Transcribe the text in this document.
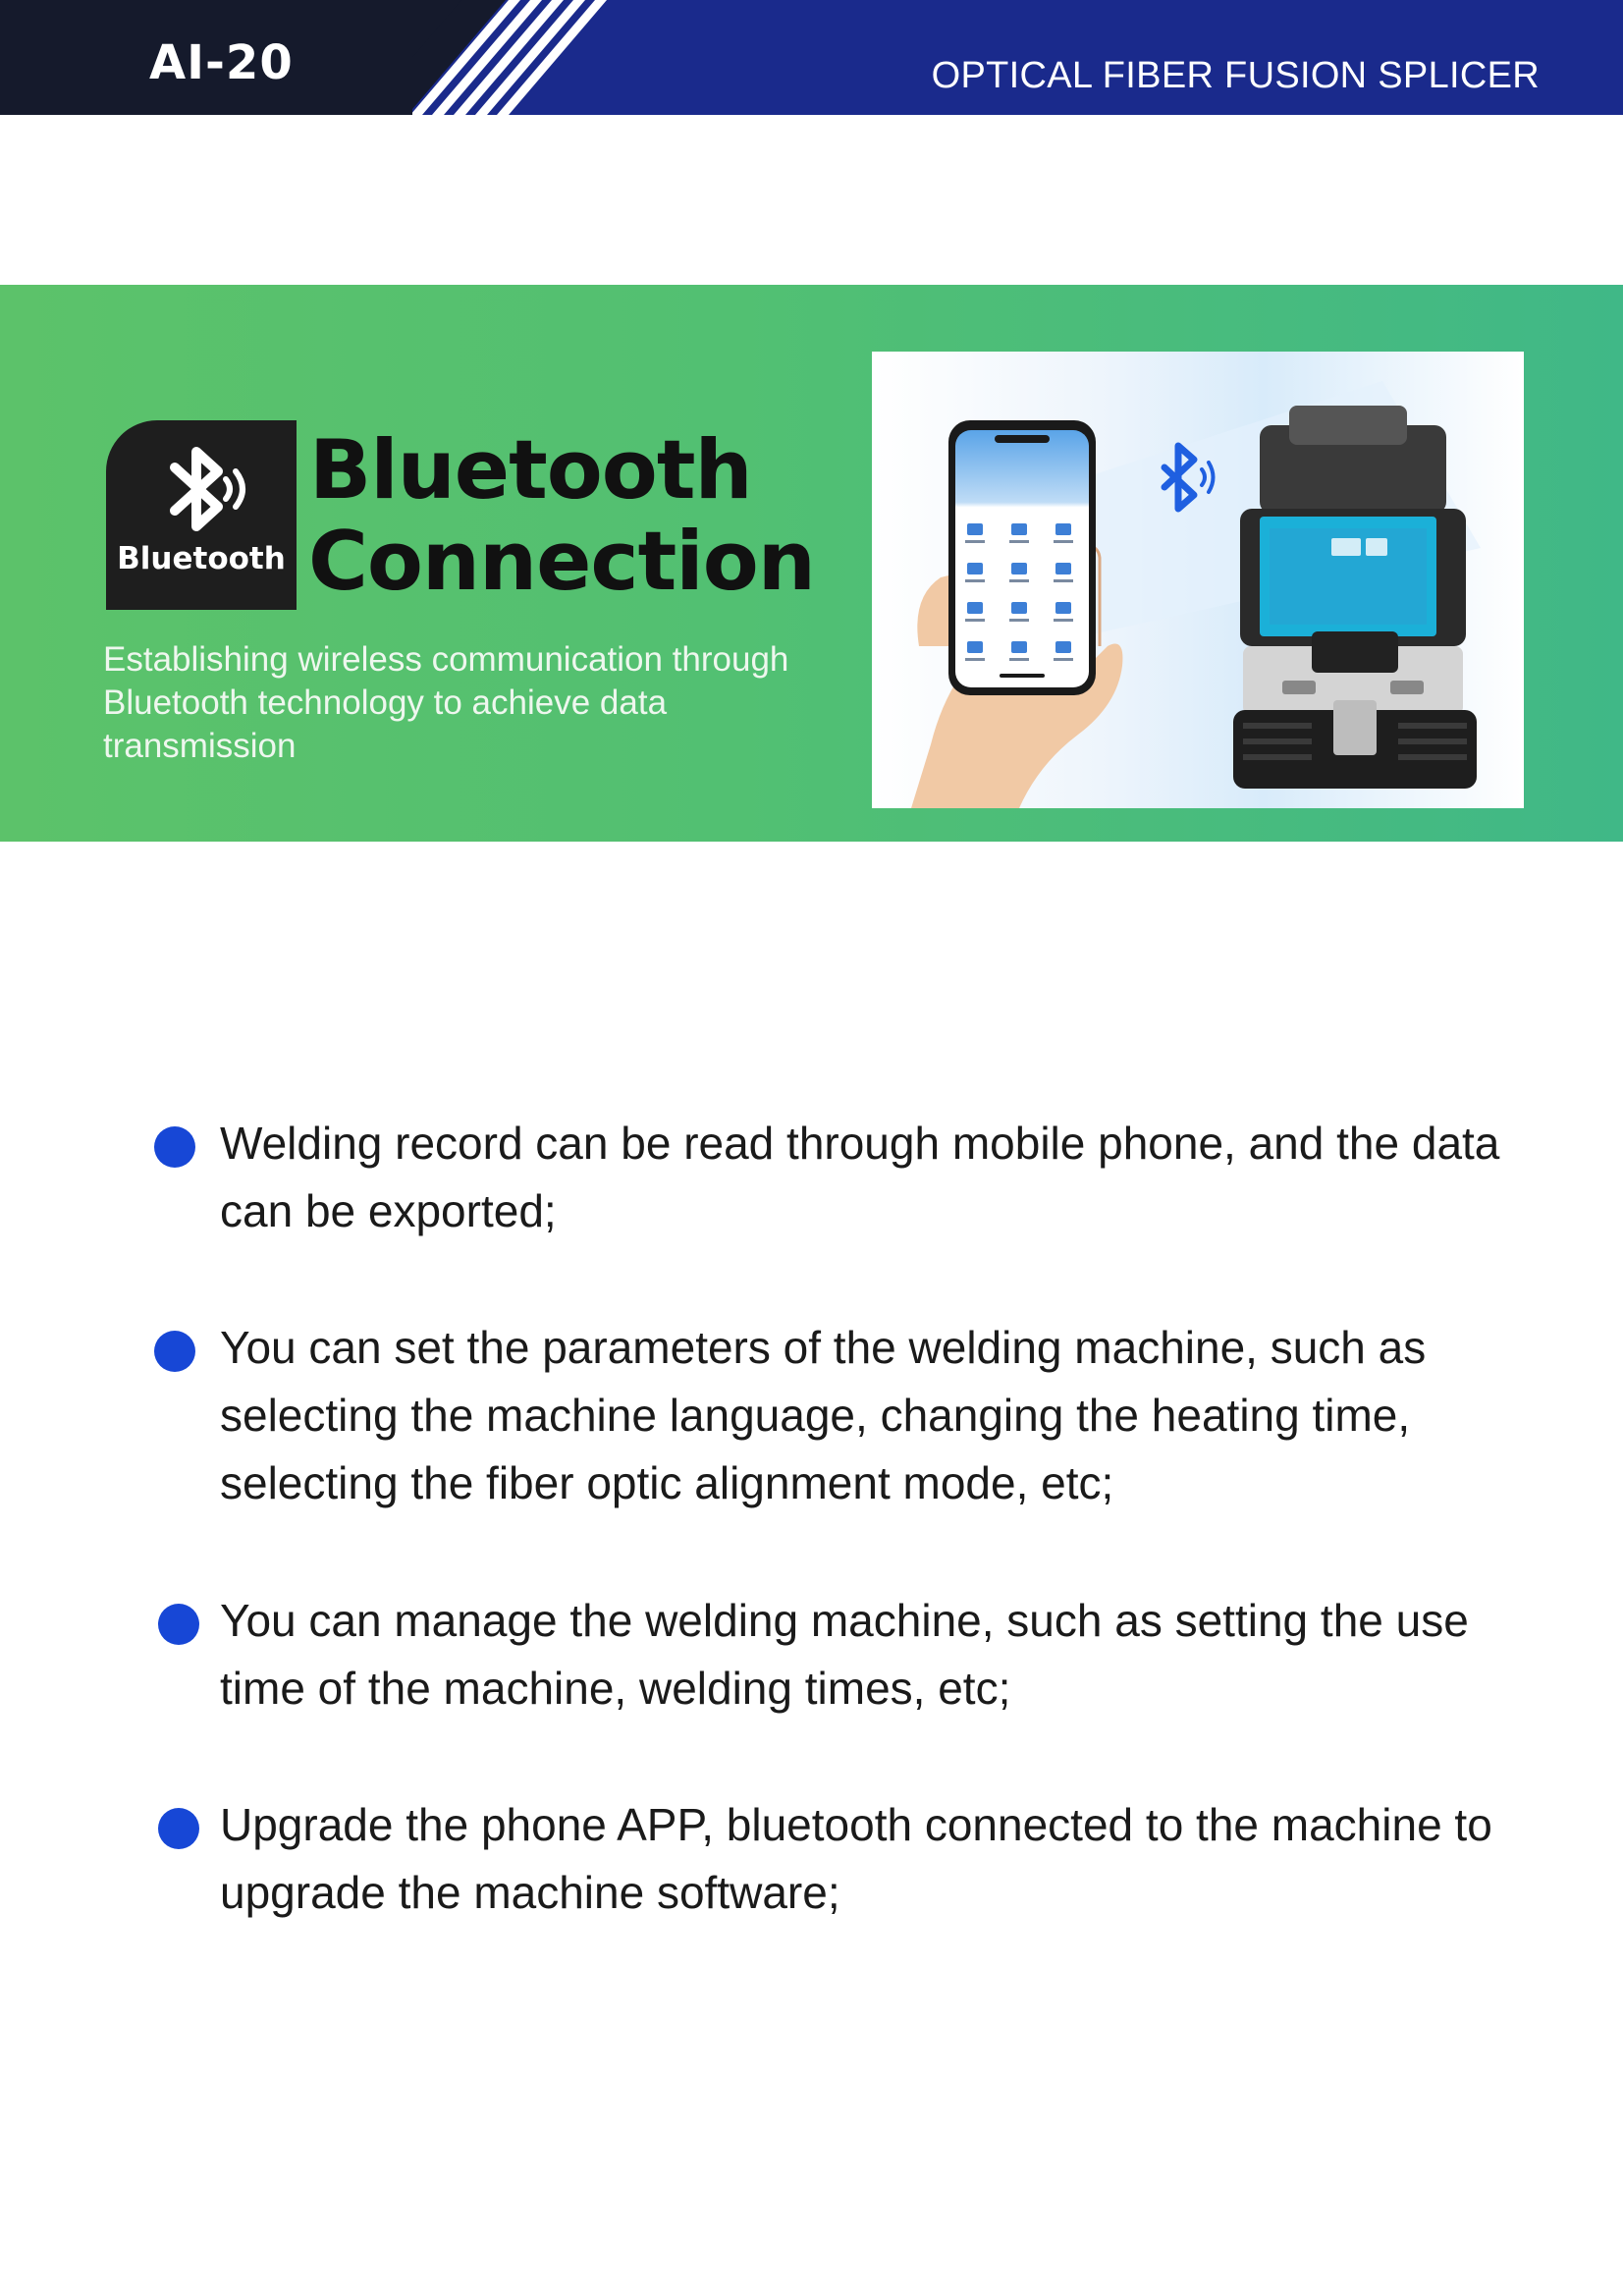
AI-20	OPTICAL FIBER FUSION SPLICER
Bluetooth
Bluetooth
Connection
Establishing wireless communication through Bluetooth technology to achieve data transmission
Welding record can be read through mobile phone, and the data can be exported;
You can set the parameters of the welding machine, such as selecting the machine language, changing the heating time, selecting the fiber optic alignment mode, etc;
You can manage the welding machine, such as setting the use time of the machine, welding times, etc;
Upgrade the phone APP, bluetooth connected to the machine to upgrade the machine software;
